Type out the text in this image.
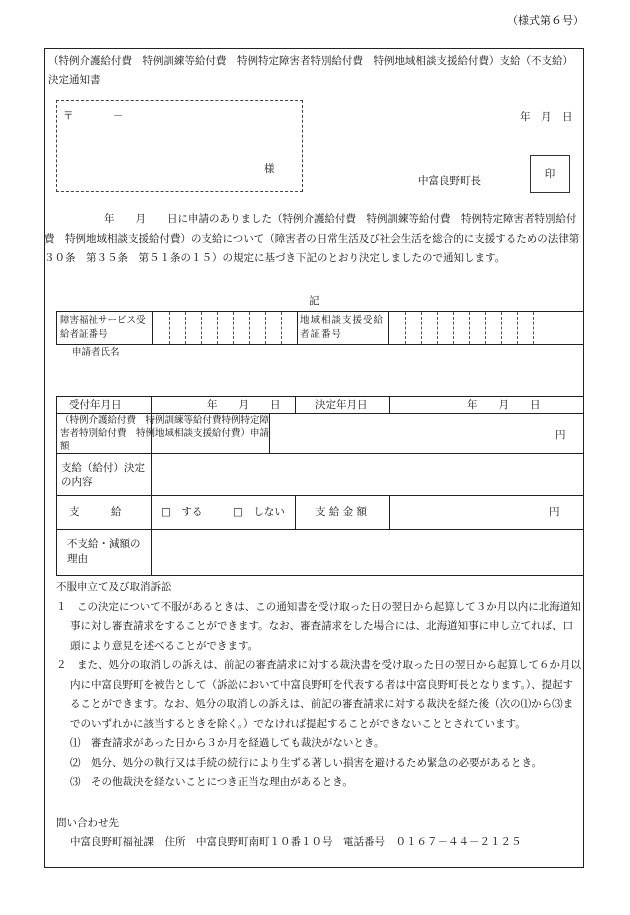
（様式第６号）
（特例介護給付費　特例訓練等給付費　特例特定障害者特別給付費　特例地域相談支援給付費）支給（不支給）決定通知書
〒	－
様
年　月　日
中富良野町長
印
年　　月　　日に申請のありました（特例介護給付費　特例訓練等給付費　特例特定障害者特別給付費　特例地域相談支援給付費）の支給について（障害者の日常生活及び社会生活を総合的に支援するための法律第３０条　第３５条　第５１条の１５）の規定に基づき下記のとおり決定しましたので通知します。
記
障害福祉サービス受給者証番号
地域相談支援受給者証番号
申請者氏名
受付年月日	年　　月　　日	決定年月日	年　　月　　日
（特例介護給付費　特例訓練等給付費特例特定障害者特別給付費　特例地域相談支援給付費）申請額
円
支給（給付）決定の内容
支　　　給	□　する	□　しない	支 給 金 額	円
不支給・減額の理由

不服申立て及び取消訴訟

１　この決定について不服があるときは、この通知書を受け取った日の翌日から起算して３か月以内に北海道知事に対し審査請求をすることができます。なお、審査請求をした場合には、北海道知事に申し立てれば、口頭により意見を述べることができます。

２　また、処分の取消しの訴えは、前記の審査請求に対する裁決書を受け取った日の翌日から起算して６か月以内に中富良野町を被告として（訴訟において中富良野町を代表する者は中富良野町長となります。）、提起することができます。なお、処分の取消しの訴えは、前記の審査請求に対する裁決を経た後（次の⑴から⑶までのいずれかに該当するときを除く。）でなければ提起することができないこととされています。

⑴　審査請求があった日から３か月を経過しても裁決がないとき。

⑵　処分、処分の執行又は手続の続行により生ずる著しい損害を避けるため緊急の必要があるとき。

⑶　その他裁決を経ないことにつき正当な理由があるとき。

問い合わせ先
中富良野町福祉課　住所　中富良野町南町１０番１０号　電話番号　０１６７－４４－２１２５
